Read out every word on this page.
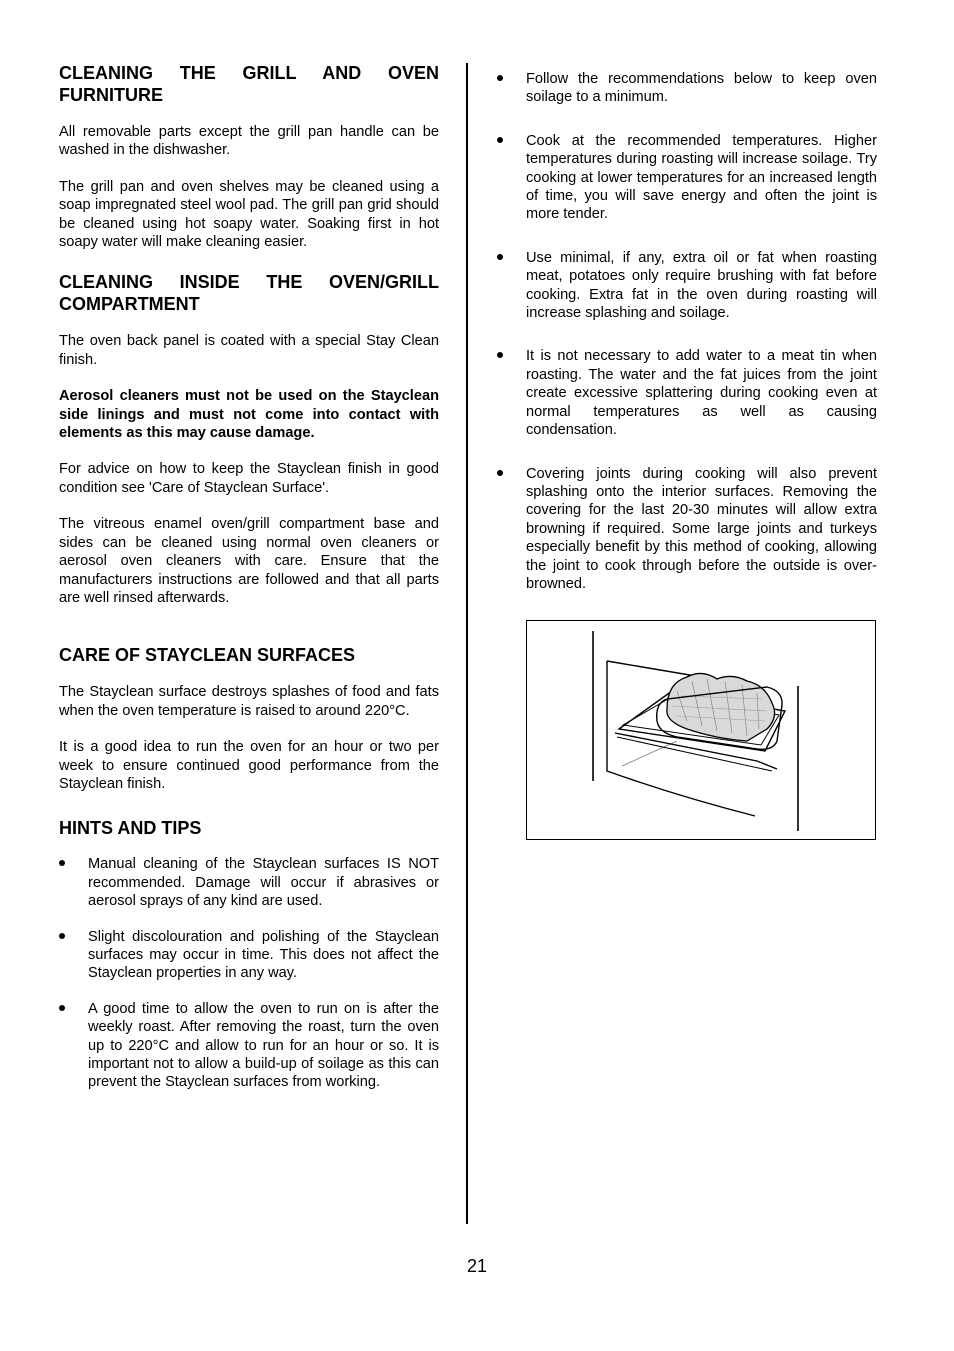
CLEANING THE GRILL AND OVEN FURNITURE

All removable parts except the grill pan handle can be washed in the dishwasher.

The grill pan and oven shelves may be cleaned using a soap impregnated steel wool pad. The grill pan grid should be cleaned using hot soapy water. Soaking first in hot soapy water will make cleaning easier.

CLEANING INSIDE THE OVEN/GRILL COMPARTMENT

The oven back panel is coated with a special Stay Clean finish.

Aerosol cleaners must not be used on the Stayclean side linings and must not come into contact with elements as this may cause damage.

For advice on how to keep the Stayclean finish in good condition see 'Care of Stayclean Surface'.

The vitreous enamel oven/grill compartment base and sides can be cleaned using normal oven cleaners or aerosol oven cleaners with care. Ensure that the manufacturers instructions are followed and that all parts are well rinsed afterwards.

CARE OF STAYCLEAN SURFACES

The Stayclean surface destroys splashes of food and fats when the oven temperature is raised to around 220°C.

It is a good idea to run the oven for an hour or two per week to ensure continued good performance from the Stayclean finish.

HINTS AND TIPS

Manual cleaning of the Stayclean surfaces IS NOT recommended. Damage will occur if abrasives or aerosol sprays of any kind are used.

Slight discolouration and polishing of the Stayclean surfaces may occur in time. This does not affect the Stayclean properties in any way.

A good time to allow the oven to run on is after the weekly roast. After removing the roast, turn the oven up to 220°C and allow to run for an hour or so. It is important not to allow a build-up of soilage as this can prevent the Stayclean surfaces from working.

Follow the recommendations below to keep oven soilage to a minimum.

Cook at the recommended temperatures. Higher temperatures during roasting will increase soilage. Try cooking at lower temperatures for an increased length of time, you will save energy and often the joint is more tender.

Use minimal, if any, extra oil or fat when roasting meat, potatoes only require brushing with fat before cooking. Extra fat in the oven during roasting will increase splashing and soilage.

It is not necessary to add water to a meat tin when roasting. The water and the fat juices from the joint create excessive splattering during cooking even at normal temperatures as well as causing condensation.

Covering joints during cooking will also prevent splashing onto the interior surfaces. Removing the covering for the last 20-30 minutes will allow extra browning if required. Some large joints and turkeys especially benefit by this method of cooking, allowing the joint to cook through before the outside is over-browned.

21
